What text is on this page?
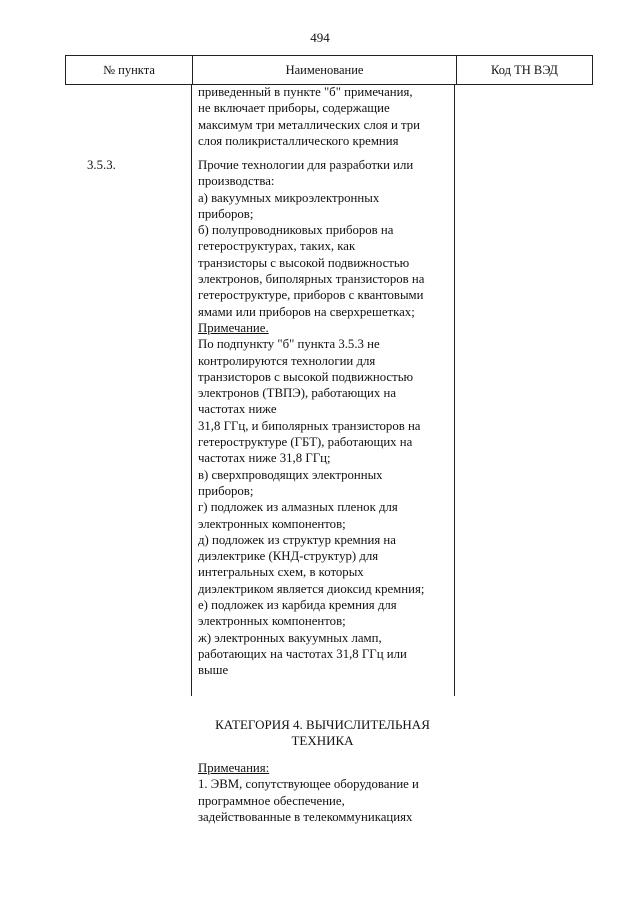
494
№ пункта	Наименование	Код ТН ВЭД
приведенный в пункте "б" примечания,
не включает приборы, содержащие
максимум три металлических слоя и три
слоя поликристаллического кремния
3.5.3.	Прочие технологии для разработки или
производства:
а) вакуумных микроэлектронных
приборов;
б) полупроводниковых приборов на
гетероструктурах, таких, как
транзисторы с высокой подвижностью
электронов, биполярных транзисторов на
гетероструктуре, приборов с квантовыми
ямами или приборов на сверхрешетках;
Примечание.
По подпункту "б" пункта 3.5.3 не
контролируются технологии для
транзисторов с высокой подвижностью
электронов (ТВПЭ), работающих на
частотах ниже
31,8 ГГц, и биполярных транзисторов на
гетероструктуре (ГБТ), работающих на
частотах ниже 31,8 ГГц;
в) сверхпроводящих электронных
приборов;
г) подложек из алмазных пленок для
электронных компонентов;
д) подложек из структур кремния на
диэлектрике (КНД-структур) для
интегральных схем, в которых
диэлектриком является диоксид кремния;
е) подложек из карбида кремния для
электронных компонентов;
ж) электронных вакуумных ламп,
работающих на частотах 31,8 ГГц или
выше
КАТЕГОРИЯ 4. ВЫЧИСЛИТЕЛЬНАЯ
ТЕХНИКА
Примечания:
1. ЭВМ, сопутствующее оборудование и
программное обеспечение,
задействованные в телекоммуникациях
